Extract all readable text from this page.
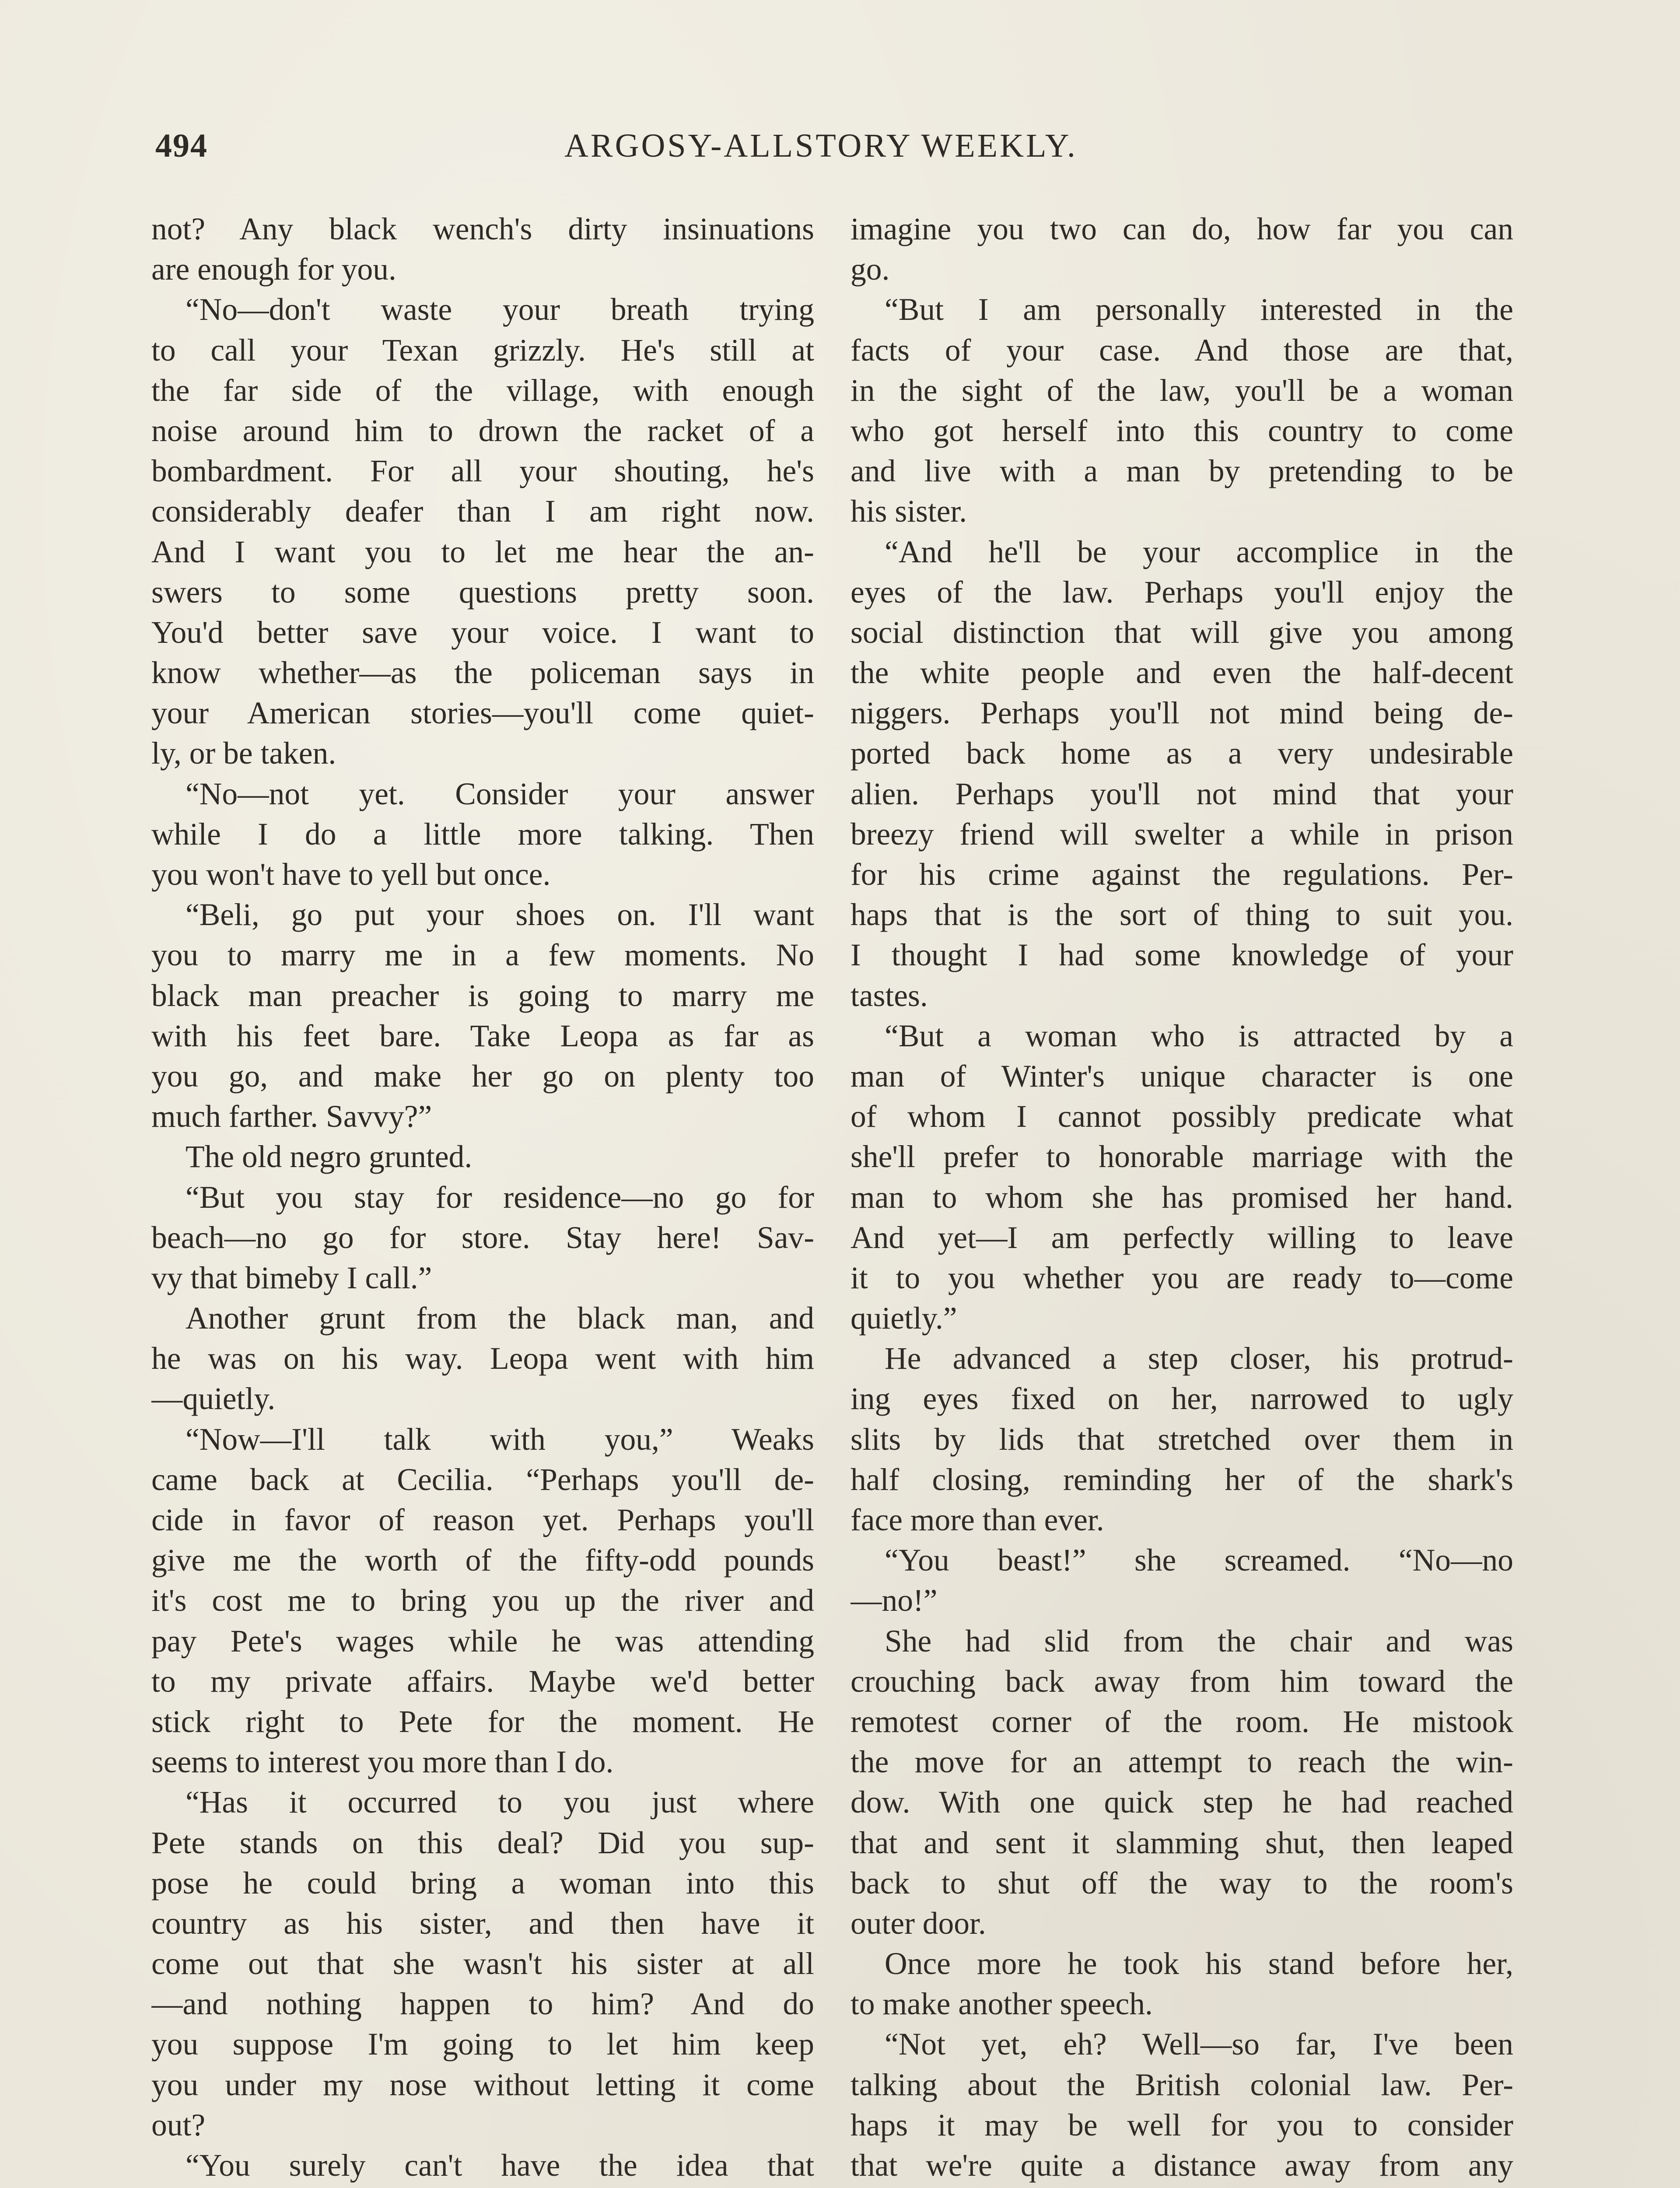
494	ARGOSY-ALLSTORY WEEKLY.
not? Any black wench's dirty insinuations
are enough for you.
“No—don't waste your breath trying
to call your Texan grizzly. He's still at
the far side of the village, with enough
noise around him to drown the racket of a
bombardment. For all your shouting, he's
considerably deafer than I am right now.
And I want you to let me hear the an-
swers to some questions pretty soon.
You'd better save your voice. I want to
know whether—as the policeman says in
your American stories—you'll come quiet-
ly, or be taken.
“No—not yet. Consider your answer
while I do a little more talking. Then
you won't have to yell but once.
“Beli, go put your shoes on. I'll want
you to marry me in a few moments. No
black man preacher is going to marry me
with his feet bare. Take Leopa as far as
you go, and make her go on plenty too
much farther. Savvy?”
The old negro grunted.
“But you stay for residence—no go for
beach—no go for store. Stay here! Sav-
vy that bimeby I call.”
Another grunt from the black man, and
he was on his way. Leopa went with him
—quietly.
“Now—I'll talk with you,” Weaks
came back at Cecilia. “Perhaps you'll de-
cide in favor of reason yet. Perhaps you'll
give me the worth of the fifty-odd pounds
it's cost me to bring you up the river and
pay Pete's wages while he was attending
to my private affairs. Maybe we'd better
stick right to Pete for the moment. He
seems to interest you more than I do.
“Has it occurred to you just where
Pete stands on this deal? Did you sup-
pose he could bring a woman into this
country as his sister, and then have it
come out that she wasn't his sister at all
—and nothing happen to him? And do
you suppose I'm going to let him keep
you under my nose without letting it come
out?
“You surely can't have the idea that
imagine you two can do, how far you can
go.
“But I am personally interested in the
facts of your case. And those are that,
in the sight of the law, you'll be a woman
who got herself into this country to come
and live with a man by pretending to be
his sister.
“And he'll be your accomplice in the
eyes of the law. Perhaps you'll enjoy the
social distinction that will give you among
the white people and even the half-decent
niggers. Perhaps you'll not mind being de-
ported back home as a very undesirable
alien. Perhaps you'll not mind that your
breezy friend will swelter a while in prison
for his crime against the regulations. Per-
haps that is the sort of thing to suit you.
I thought I had some knowledge of your
tastes.
“But a woman who is attracted by a
man of Winter's unique character is one
of whom I cannot possibly predicate what
she'll prefer to honorable marriage with the
man to whom she has promised her hand.
And yet—I am perfectly willing to leave
it to you whether you are ready to—come
quietly.”
He advanced a step closer, his protrud-
ing eyes fixed on her, narrowed to ugly
slits by lids that stretched over them in
half closing, reminding her of the shark's
face more than ever.
“You beast!” she screamed. “No—no
—no!”
She had slid from the chair and was
crouching back away from him toward the
remotest corner of the room. He mistook
the move for an attempt to reach the win-
dow. With one quick step he had reached
that and sent it slamming shut, then leaped
back to shut off the way to the room's
outer door.
Once more he took his stand before her,
to make another speech.
“Not yet, eh? Well—so far, I've been
talking about the British colonial law. Per-
haps it may be well for you to consider
that we're quite a distance away from any
